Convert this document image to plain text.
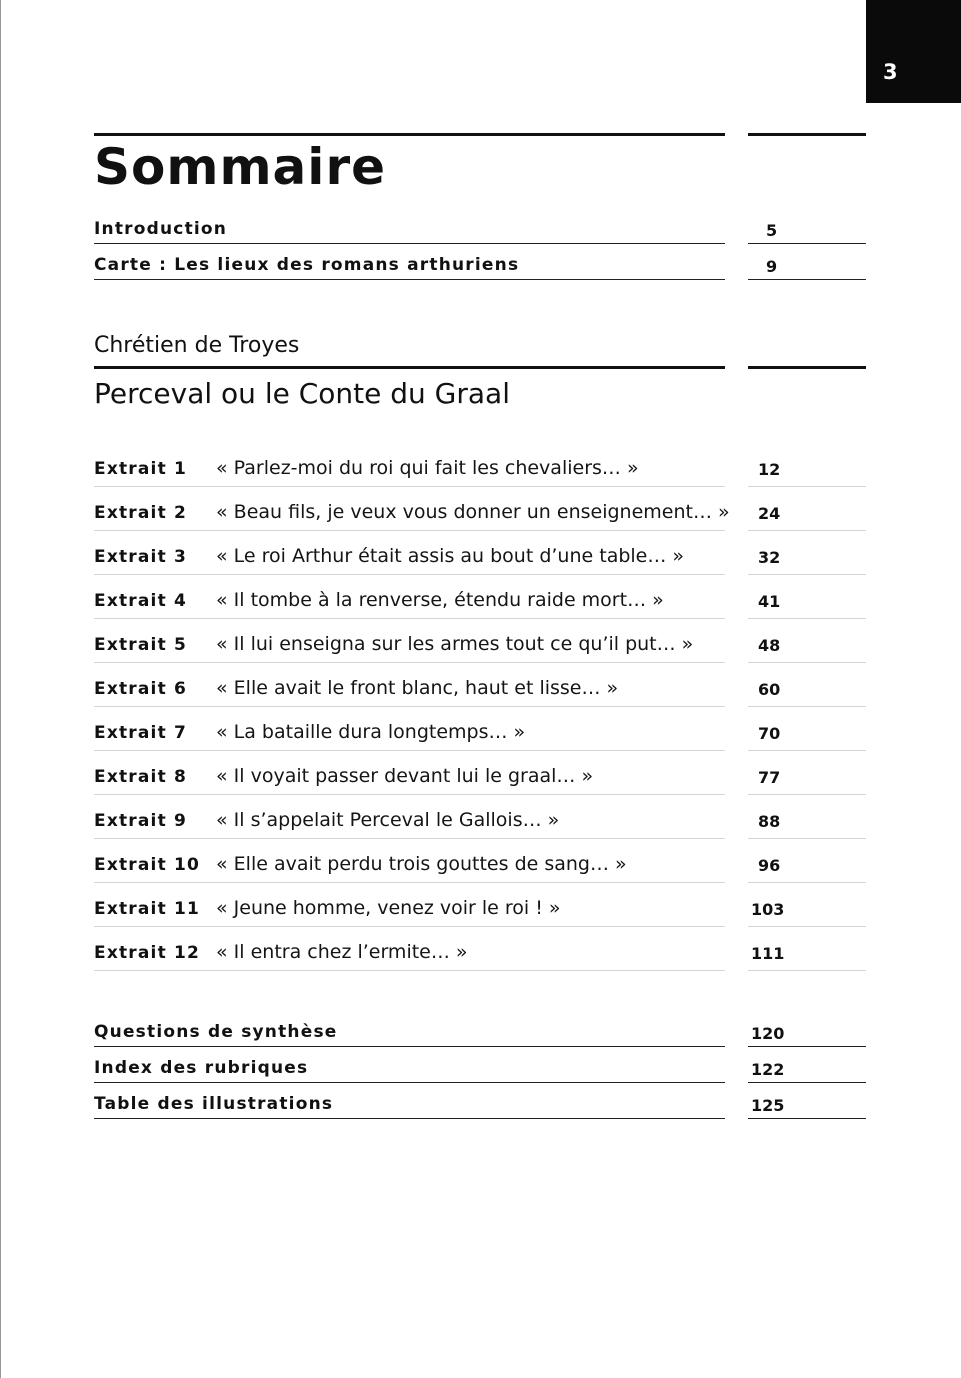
3
Sommaire
Introduction	5
Carte : Les lieux des romans arthuriens	9
Chrétien de Troyes
Perceval ou le Conte du Graal
Extrait 1 « Parlez-moi du roi qui fait les chevaliers… »	12
Extrait 2 « Beau fils, je veux vous donner un enseignement… » 24
Extrait 3 « Le roi Arthur était assis au bout d’une table… »	32
Extrait 4 « Il tombe à la renverse, étendu raide mort… »	41
Extrait 5 « Il lui enseigna sur les armes tout ce qu’il put… »	48
Extrait 6 « Elle avait le front blanc, haut et lisse… »	60
Extrait 7 « La bataille dura longtemps… »	70
Extrait 8 « Il voyait passer devant lui le graal… »	77
Extrait 9 « Il s’appelait Perceval le Gallois… »	88
Extrait 10 « Elle avait perdu trois gouttes de sang… »	96
Extrait 11 « Jeune homme, venez voir le roi ! »	103
Extrait 12 « Il entra chez l’ermite… »	111
Questions de synthèse	120
Index des rubriques	122
Table des illustrations	125
